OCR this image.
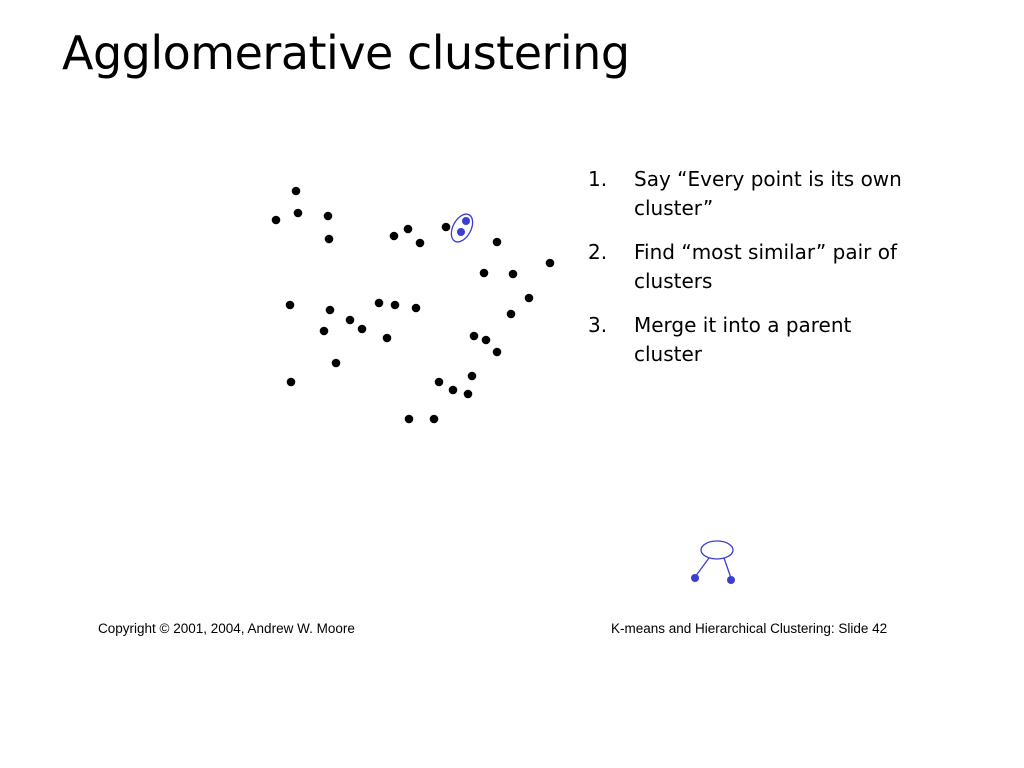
Agglomerative clustering
1.	Say “Every point is its own cluster”
2.	Find “most similar” pair of clusters
3.	Merge it into a parent cluster

Copyright © 2001, 2004, Andrew W. Moore	K-means and Hierarchical Clustering: Slide 42
